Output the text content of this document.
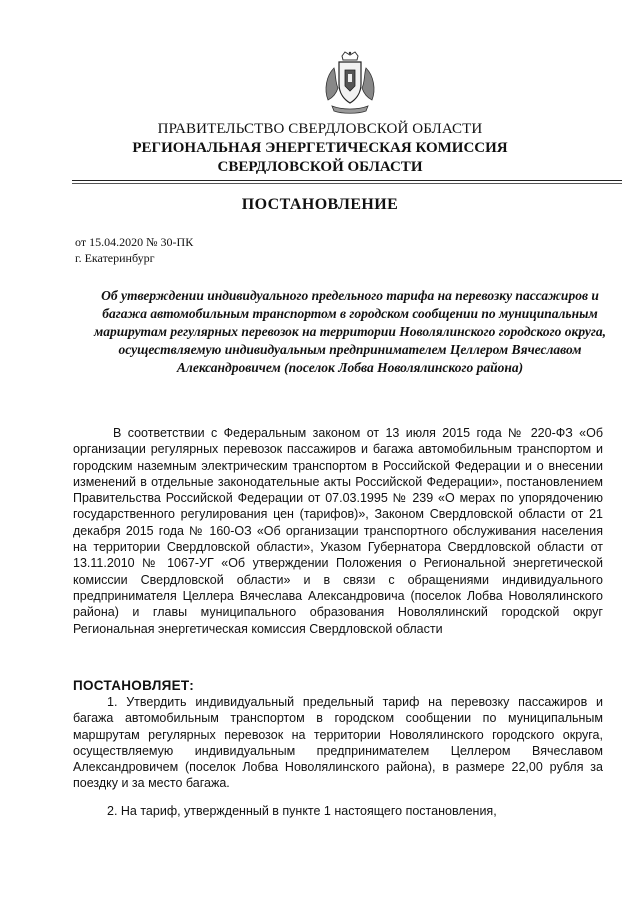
ПРАВИТЕЛЬСТВО СВЕРДЛОВСКОЙ ОБЛАСТИ
РЕГИОНАЛЬНАЯ ЭНЕРГЕТИЧЕСКАЯ КОМИССИЯ
СВЕРДЛОВСКОЙ ОБЛАСТИ
ПОСТАНОВЛЕНИЕ
от 15.04.2020 № 30-ПК
г. Екатеринбург
Об утверждении индивидуального предельного тарифа на перевозку пассажиров и багажа автомобильным транспортом в городском сообщении по муниципальным маршрутам регулярных перевозок на территории Новолялинского городского округа, осуществляемую индивидуальным предпринимателем Целлером Вячеславом Александровичем (поселок Лобва Новолялинского района)
В соответствии с Федеральным законом от 13 июля 2015 года № 220-ФЗ «Об организации регулярных перевозок пассажиров и багажа автомобильным транспортом и городским наземным электрическим транспортом в Российской Федерации и о внесении изменений в отдельные законодательные акты Российской Федерации», постановлением Правительства Российской Федерации от 07.03.1995 № 239 «О мерах по упорядочению государственного регулирования цен (тарифов)», Законом Свердловской области от 21 декабря 2015 года № 160-ОЗ «Об организации транспортного обслуживания населения на территории Свердловской области», Указом Губернатора Свердловской области от 13.11.2010 № 1067-УГ «Об утверждении Положения о Региональной энергетической комиссии Свердловской области» и в связи с обращениями индивидуального предпринимателя Целлера Вячеслава Александровича (поселок Лобва Новолялинского района) и главы муниципального образования Новолялинский городской округ Региональная энергетическая комиссия Свердловской области
ПОСТАНОВЛЯЕТ:
1. Утвердить индивидуальный предельный тариф на перевозку пассажиров и багажа автомобильным транспортом в городском сообщении по муниципальным маршрутам регулярных перевозок на территории Новолялинского городского округа, осуществляемую индивидуальным предпринимателем Целлером Вячеславом Александровичем (поселок Лобва Новолялинского района), в размере 22,00 рубля за поездку и за место багажа.
2. На тариф, утвержденный в пункте 1 настоящего постановления,
